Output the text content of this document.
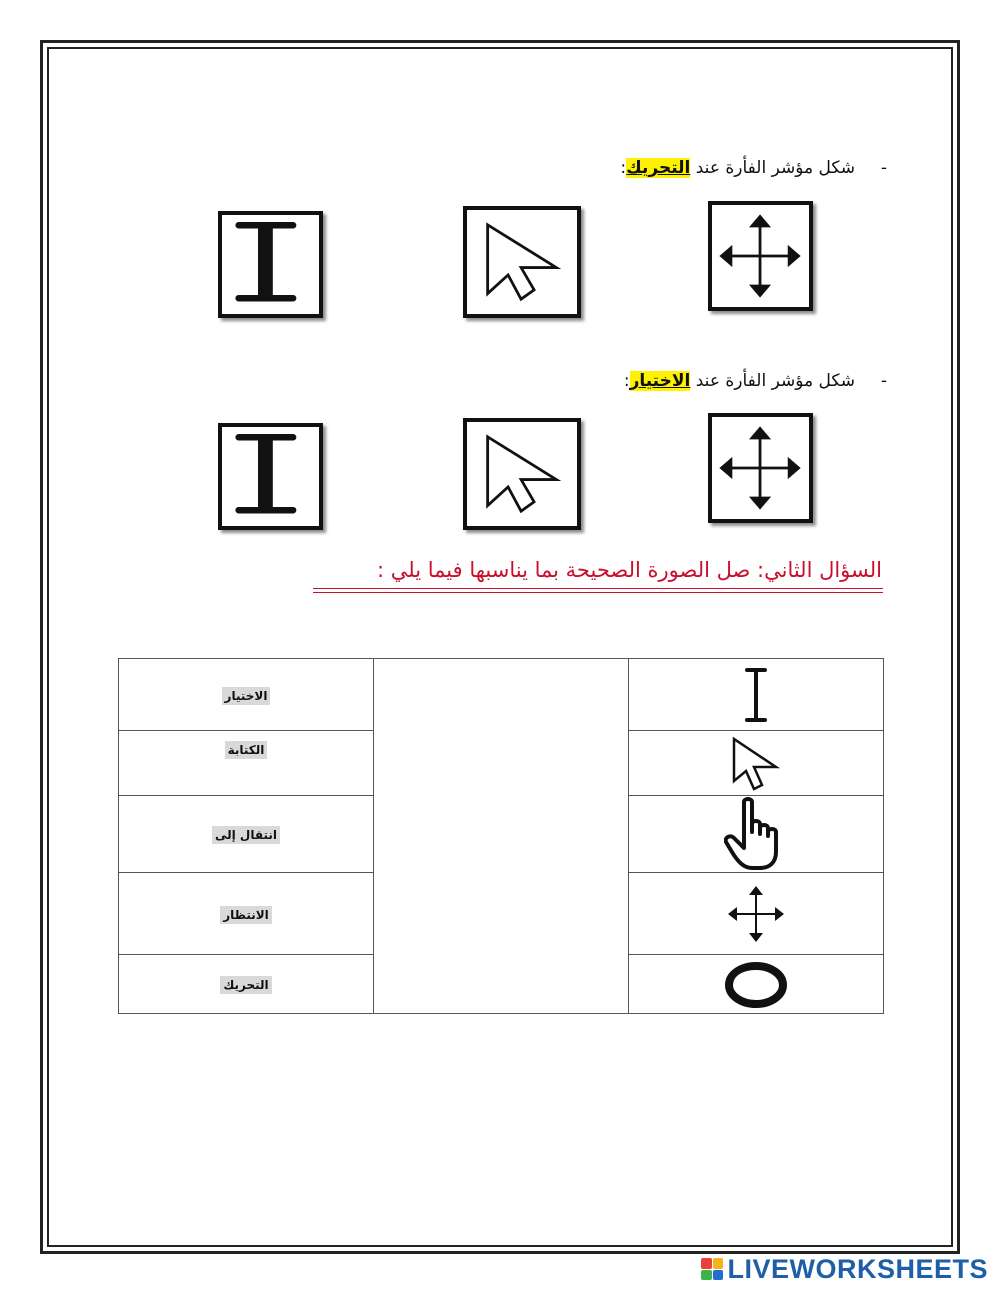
-
شكل مؤشر الفأرة عند التحريك:
-
شكل مؤشر الفأرة عند الاختيار:
السؤال الثاني: صل الصورة الصحيحة بما يناسبها فيما يلي :
الاختيار		

الكتابة	

انتقال إلى	

الانتظار	

التحريك	
LIVEWORKSHEETS
